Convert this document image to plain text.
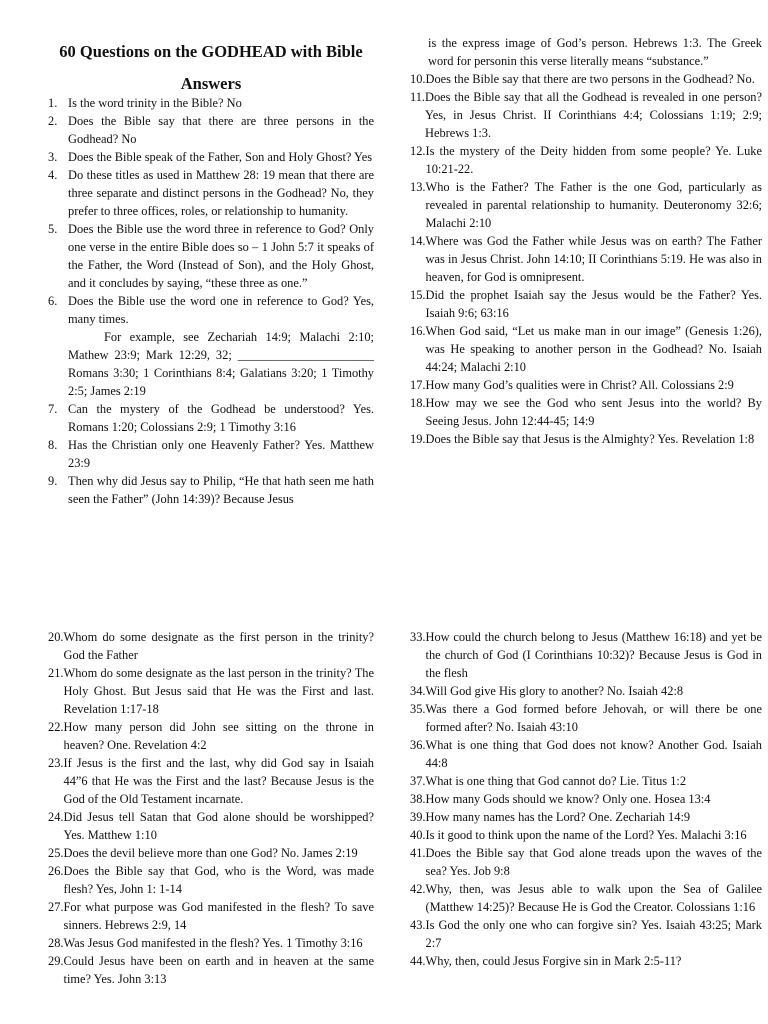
60 Questions on the GODHEAD with Bible Answers
1. Is the word trinity in the Bible? No
2. Does the Bible say that there are three persons in the Godhead? No
3. Does the Bible speak of the Father, Son and Holy Ghost? Yes
4. Do these titles as used in Matthew 28: 19 mean that there are three separate and distinct persons in the Godhead? No, they prefer to three offices, roles, or relationship to humanity.
5. Does the Bible use the word three in reference to God? Only one verse in the entire Bible does so – 1 John 5:7 it speaks of the Father, the Word (Instead of Son), and the Holy Ghost, and it concludes by saying, “these three as one.”
6. Does the Bible use the word one in reference to God? Yes, many times.
For example, see Zechariah 14:9; Malachi 2:10; Mathew 23:9; Mark 12:29, 32; ______________________ Romans 3:30; 1 Corinthians 8:4; Galatians 3:20; 1 Timothy 2:5; James 2:19
7. Can the mystery of the Godhead be understood? Yes. Romans 1:20; Colossians 2:9; 1 Timothy 3:16
8. Has the Christian only one Heavenly Father? Yes. Matthew 23:9
9. Then why did Jesus say to Philip, “He that hath seen me hath seen the Father” (John 14:39)? Because Jesus
is the express image of God’s person. Hebrews 1:3. The Greek word for personin this verse literally means “substance.”
10. Does the Bible say that there are two persons in the Godhead? No.
11. Does the Bible say that all the Godhead is revealed in one person? Yes, in Jesus Christ. II Corinthians 4:4; Colossians 1:19; 2:9; Hebrews 1:3.
12. Is the mystery of the Deity hidden from some people? Ye. Luke 10:21-22.
13. Who is the Father? The Father is the one God, particularly as revealed in parental relationship to humanity. Deuteronomy 32:6; Malachi 2:10
14. Where was God the Father while Jesus was on earth? The Father was in Jesus Christ. John 14:10; II Corinthians 5:19. He was also in heaven, for God is omnipresent.
15. Did the prophet Isaiah say the Jesus would be the Father? Yes. Isaiah 9:6; 63:16
16. When God said, “Let us make man in our image” (Genesis 1:26), was He speaking to another person in the Godhead? No. Isaiah 44:24; Malachi 2:10
17. How many God’s qualities were in Christ? All. Colossians 2:9
18. How may we see the God who sent Jesus into the world? By Seeing Jesus. John 12:44-45; 14:9
19. Does the Bible say that Jesus is the Almighty? Yes. Revelation 1:8
20. Whom do some designate as the first person in the trinity? God the Father
21. Whom do some designate as the last person in the trinity? The Holy Ghost. But Jesus said that He was the First and last. Revelation 1:17-18
22. How many person did John see sitting on the throne in heaven? One. Revelation 4:2
23. If Jesus is the first and the last, why did God say in Isaiah 44”6 that He was the First and the last? Because Jesus is the God of the Old Testament incarnate.
24. Did Jesus tell Satan that God alone should be worshipped? Yes. Matthew 1:10
25. Does the devil believe more than one God? No. James 2:19
26. Does the Bible say that God, who is the Word, was made flesh? Yes, John 1: 1-14
27. For what purpose was God manifested in the flesh? To save sinners. Hebrews 2:9, 14
28. Was Jesus God manifested in the flesh? Yes. 1 Timothy 3:16
29. Could Jesus have been on earth and in heaven at the same time? Yes. John 3:13
33. How could the church belong to Jesus (Matthew 16:18) and yet be the church of God (I Corinthians 10:32)? Because Jesus is God in the flesh
34. Will God give His glory to another? No. Isaiah 42:8
35. Was there a God formed before Jehovah, or will there be one formed after? No. Isaiah 43:10
36. What is one thing that God does not know? Another God. Isaiah 44:8
37. What is one thing that God cannot do? Lie. Titus 1:2
38. How many Gods should we know? Only one. Hosea 13:4
39. How many names has the Lord? One. Zechariah 14:9
40. Is it good to think upon the name of the Lord? Yes. Malachi 3:16
41. Does the Bible say that God alone treads upon the waves of the sea? Yes. Job 9:8
42. Why, then, was Jesus able to walk upon the Sea of Galilee (Matthew 14:25)? Because He is God the Creator. Colossians 1:16
43. Is God the only one who can forgive sin? Yes. Isaiah 43:25; Mark 2:7
44. Why, then, could Jesus Forgive sin in Mark 2:5-11?
